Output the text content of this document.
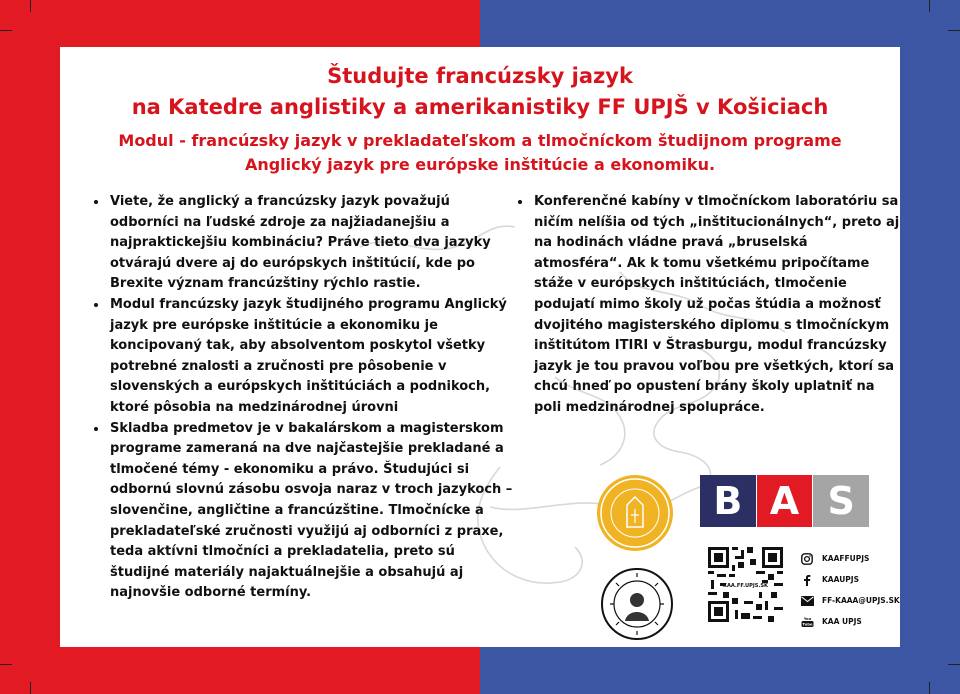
Študujte francúzsky jazyk
na Katedre anglistiky a amerikanistiky FF UPJŠ v Košiciach
Modul - francúzsky jazyk v prekladateľskom a tlmočníckom študijnom programe
Anglický jazyk pre európske inštitúcie a ekonomiku.
• Viete, že anglický a francúzsky jazyk považujú odborníci na ľudské zdroje za najžiadanejšiu a najpraktickejšiu kombináciu? Práve tieto dva jazyky otvárajú dvere aj do európskych inštitúcií, kde po Brexite význam francúzštiny rýchlo rastie.
• Modul francúzsky jazyk študijného programu Anglický jazyk pre európske inštitúcie a ekonomiku je koncipovaný tak, aby absolventom poskytol všetky potrebné znalosti a zručnosti pre pôsobenie v slovenských a európskych inštitúciách a podnikoch, ktoré pôsobia na medzinárodnej úrovni
• Skladba predmetov je v bakalárskom a magisterskom programe zameraná na dve najčastejšie prekladané a tlmočené témy - ekonomiku a právo. Študujúci si odbornú slovnú zásobu osvoja naraz v troch jazykoch – slovenčine, angličtine a francúzštine. Tlmočnícke a prekladateľské zručnosti využijú aj odborníci z praxe, teda aktívni tlmočníci a prekladatelia, preto sú študijné materiály najaktuálnejšie a obsahujú aj najnovšie odborné termíny.
• Konferenčné kabíny v tlmočníckom laboratóriu sa ničím nelíšia od tých „inštitucionálnych“, preto aj na hodinách vládne pravá „bruselská atmosféra“. Ak k tomu všetkému pripočítame stáže v európskych inštitúciách, tlmočenie podujatí mimo školy už počas štúdia a možnosť dvojitého magisterského diplomu s tlmočníckym inštitútom ITIRI v Štrasburgu, modul francúzsky jazyk je tou pravou voľbou pre všetkých, ktorí sa chcú hneď po opustení brány školy uplatniť na poli medzinárodnej spolupráce.
B A S
KAA.FF.UPJS.SK
KAAFFUPJS
KAAUPJS
FF-KAAA@UPJS.SK
You
Tube KAA UPJS
